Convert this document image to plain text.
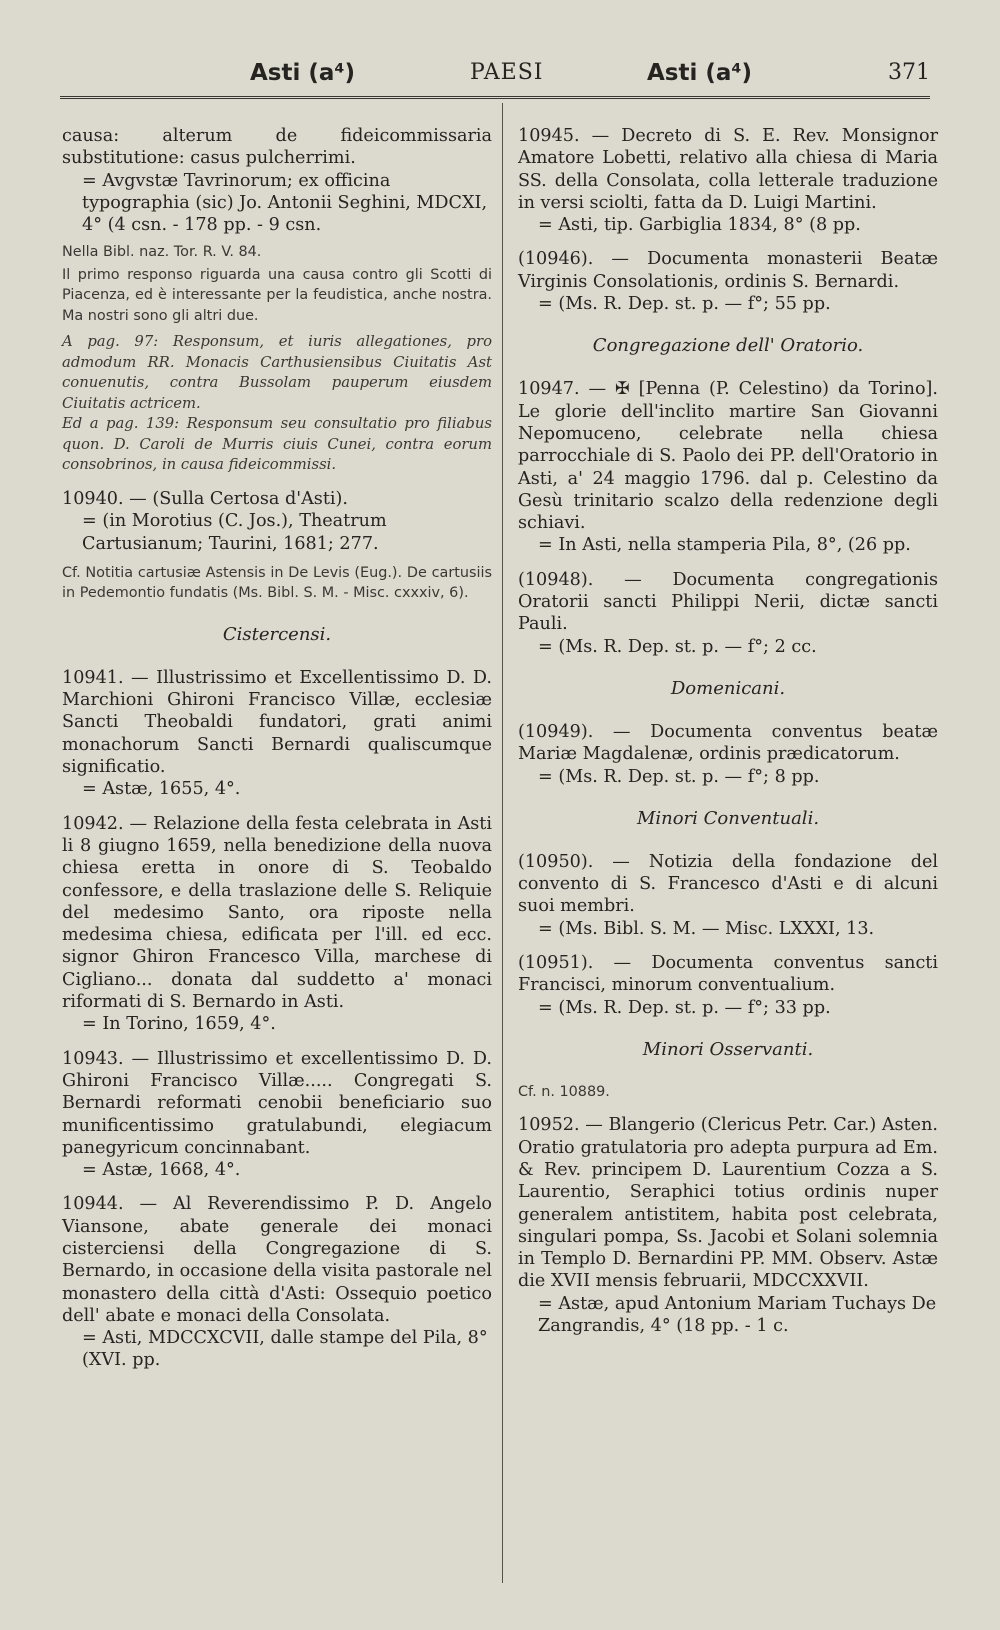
Asti (a⁴)	PAESI	Asti (a⁴)	371

causa: alterum de fideicommissaria substitutione: casus pulcherrimi.

= Avgvstæ Tavrinorum; ex officina typographia (sic) Jo. Antonii Seghini, MDCXI, 4° (4 csn. - 178 pp. - 9 csn.

Nella Bibl. naz. Tor. R. V. 84.

Il primo responso riguarda una causa contro gli Scotti di Piacenza, ed è interessante per la feudistica, anche nostra. Ma nostri sono gli altri due.

A pag. 97: Responsum, et iuris allegationes, pro admodum RR. Monacis Carthusiensibus Ciuitatis Ast conuenutis, contra Bussolam pauperum eiusdem Ciuitatis actricem.

Ed a pag. 139: Responsum seu consultatio pro filiabus quon. D. Caroli de Murris ciuis Cunei, contra eorum consobrinos, in causa fideicommissi.

10940. — (Sulla Certosa d'Asti).

= (in Morotius (C. Jos.), Theatrum Cartusianum; Taurini, 1681; 277.

Cf. Notitia cartusiæ Astensis in De Levis (Eug.). De cartusiis in Pedemontio fundatis (Ms. Bibl. S. M. - Misc. cxxxiv, 6).

Cistercensi.

10941. — Illustrissimo et Excellentissimo D. D. Marchioni Ghironi Francisco Villæ, ecclesiæ Sancti Theobaldi fundatori, grati animi monachorum Sancti Bernardi qualiscumque significatio.

= Astæ, 1655, 4°.

10942. — Relazione della festa celebrata in Asti li 8 giugno 1659, nella benedizione della nuova chiesa eretta in onore di S. Teobaldo confessore, e della traslazione delle S. Reliquie del medesimo Santo, ora riposte nella medesima chiesa, edificata per l'ill. ed ecc. signor Ghiron Francesco Villa, marchese di Cigliano... donata dal suddetto a' monaci riformati di S. Bernardo in Asti.

= In Torino, 1659, 4°.

10943. — Illustrissimo et excellentissimo D. D. Ghironi Francisco Villæ..... Congregati S. Bernardi reformati cenobii beneficiario suo munificentissimo gratulabundi, elegiacum panegyricum concinnabant.

= Astæ, 1668, 4°.

10944. — Al Reverendissimo P. D. Angelo Viansone, abate generale dei monaci cisterciensi della Congregazione di S. Bernardo, in occasione della visita pastorale nel monastero della città d'Asti: Ossequio poetico dell' abate e monaci della Consolata.

= Asti, MDCCXCVII, dalle stampe del Pila, 8° (XVI. pp.

10945. — Decreto di S. E. Rev. Monsignor Amatore Lobetti, relativo alla chiesa di Maria SS. della Consolata, colla letterale traduzione in versi sciolti, fatta da D. Luigi Martini.

= Asti, tip. Garbiglia 1834, 8° (8 pp.

(10946). — Documenta monasterii Beatæ Virginis Consolationis, ordinis S. Bernardi.

= (Ms. R. Dep. st. p. — f°; 55 pp.

Congregazione dell' Oratorio.

10947. — ✠ [Penna (P. Celestino) da Torino]. Le glorie dell'inclito martire San Giovanni Nepomuceno, celebrate nella chiesa parrocchiale di S. Paolo dei PP. dell'Oratorio in Asti, a' 24 maggio 1796. dal p. Celestino da Gesù trinitario scalzo della redenzione degli schiavi.

= In Asti, nella stamperia Pila, 8°, (26 pp.

(10948). — Documenta congregationis Oratorii sancti Philippi Nerii, dictæ sancti Pauli.

= (Ms. R. Dep. st. p. — f°; 2 cc.

Domenicani.

(10949). — Documenta conventus beatæ Mariæ Magdalenæ, ordinis prædicatorum.

= (Ms. R. Dep. st. p. — f°; 8 pp.

Minori Conventuali.

(10950). — Notizia della fondazione del convento di S. Francesco d'Asti e di alcuni suoi membri.

= (Ms. Bibl. S. M. — Misc. LXXXI, 13.

(10951). — Documenta conventus sancti Francisci, minorum conventualium.

= (Ms. R. Dep. st. p. — f°; 33 pp.

Minori Osservanti.

Cf. n. 10889.

10952. — Blangerio (Clericus Petr. Car.) Asten. Oratio gratulatoria pro adepta purpura ad Em. & Rev. principem D. Laurentium Cozza a S. Laurentio, Seraphici totius ordinis nuper generalem antistitem, habita post celebrata, singulari pompa, Ss. Jacobi et Solani solemnia in Templo D. Bernardini PP. MM. Observ. Astæ die XVII mensis februarii, MDCCXXVII.

= Astæ, apud Antonium Mariam Tuchays De Zangrandis, 4° (18 pp. - 1 c.
